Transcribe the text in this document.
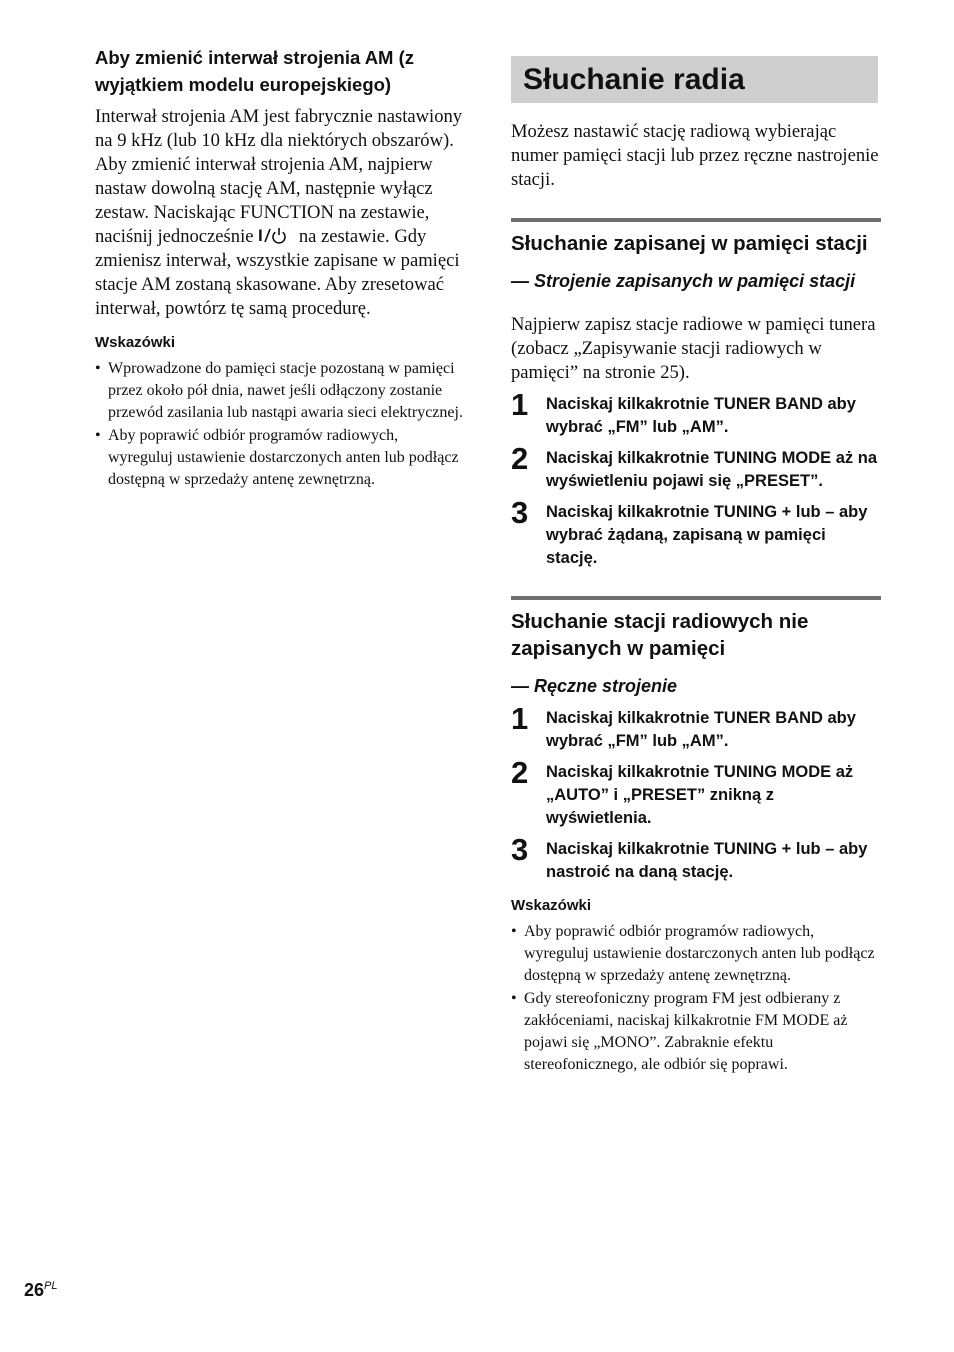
Aby zmienić interwał strojenia AM (z wyjątkiem modelu europejskiego)

Interwał strojenia AM jest fabrycznie nastawiony na 9 kHz (lub 10 kHz dla niektórych obszarów). Aby zmienić interwał strojenia AM, najpierw nastaw dowolną stację AM, następnie wyłącz zestaw. Naciskając FUNCTION na zestawie, naciśnij jednocześnie I na zestawie. Gdy zmienisz interwał, wszystkie zapisane w pamięci stacje AM zostaną skasowane. Aby zresetować interwał, powtórz tę samą procedurę.

Wskazówki
• Wprowadzone do pamięci stacje pozostaną w pamięci przez około pół dnia, nawet jeśli odłączony zostanie przewód zasilania lub nastąpi awaria sieci elektrycznej.
• Aby poprawić odbiór programów radiowych, wyreguluj ustawienie dostarczonych anten lub podłącz dostępną w sprzedaży antenę zewnętrzną.
Słuchanie radia

Możesz nastawić stację radiową wybierając numer pamięci stacji lub przez ręczne nastrojenie stacji.

Słuchanie zapisanej w pamięci stacji

— Strojenie zapisanych w pamięci stacji

Najpierw zapisz stacje radiowe w pamięci tunera (zobacz „Zapisywanie stacji radiowych w pamięci” na stronie 25).

1	Naciskaj kilkakrotnie TUNER BAND aby wybrać „FM” lub „AM”.

2	Naciskaj kilkakrotnie TUNING MODE aż na wyświetleniu pojawi się „PRESET”.

3	Naciskaj kilkakrotnie TUNING + lub – aby wybrać żądaną, zapisaną w pamięci stację.

Słuchanie stacji radiowych nie zapisanych w pamięci

— Ręczne strojenie

1	Naciskaj kilkakrotnie TUNER BAND aby wybrać „FM” lub „AM”.

2	Naciskaj kilkakrotnie TUNING MODE aż „AUTO” i „PRESET” znikną z wyświetlenia.

3	Naciskaj kilkakrotnie TUNING + lub – aby nastroić na daną stację.

Wskazówki
• Aby poprawić odbiór programów radiowych, wyreguluj ustawienie dostarczonych anten lub podłącz dostępną w sprzedaży antenę zewnętrzną.
• Gdy stereofoniczny program FM jest odbierany z zakłóceniami, naciskaj kilkakrotnie FM MODE aż pojawi się „MONO”. Zabraknie efektu stereofonicznego, ale odbiór się poprawi.
$26^{PL}$
